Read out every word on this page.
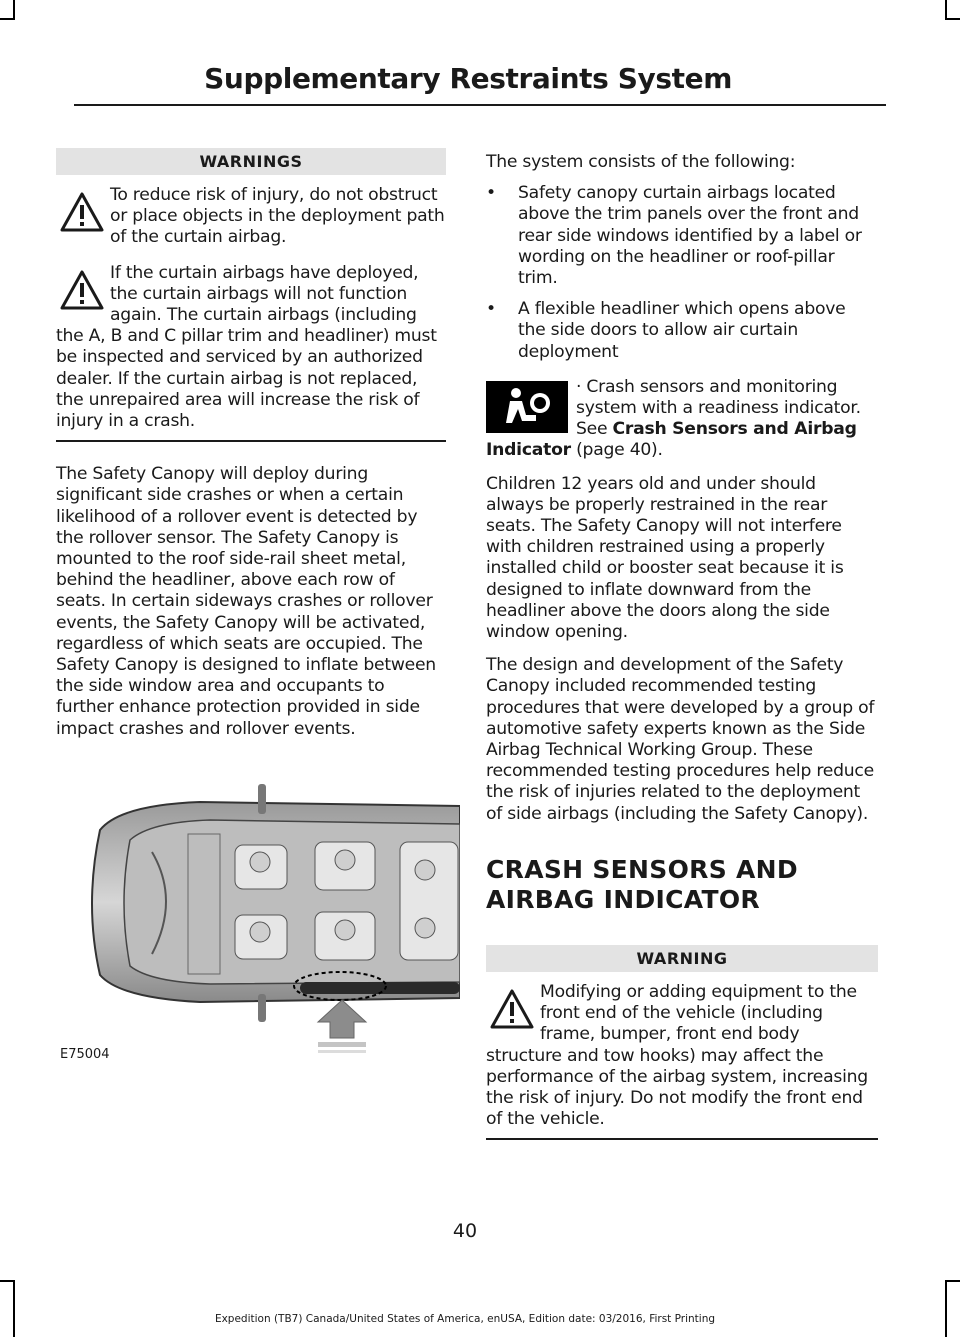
Supplementary Restraints System
WARNINGS

To reduce risk of injury, do not obstruct or place objects in the deployment path of the curtain airbag.

If the curtain airbags have deployed, the curtain airbags will not function again. The curtain airbags (including the A, B and C pillar trim and headliner) must be inspected and serviced by an authorized dealer. If the curtain airbag is not replaced, the unrepaired area will increase the risk of injury in a crash.

The Safety Canopy will deploy during significant side crashes or when a certain likelihood of a rollover event is detected by the rollover sensor. The Safety Canopy is mounted to the roof side-rail sheet metal, behind the headliner, above each row of seats. In certain sideways crashes or rollover events, the Safety Canopy will be activated, regardless of which seats are occupied. The Safety Canopy is designed to inflate between the side window area and occupants to further enhance protection provided in side impact crashes and rollover events.

E75004

The system consists of the following:

• Safety canopy curtain airbags located above the trim panels over the front and rear side windows identified by a label or wording on the headliner or roof-pillar trim.
• A flexible headliner which opens above the side doors to allow air curtain deployment

· Crash sensors and monitoring system with a readiness indicator. See Crash Sensors and Airbag Indicator (page 40).

Children 12 years old and under should always be properly restrained in the rear seats. The Safety Canopy will not interfere with children restrained using a properly installed child or booster seat because it is designed to inflate downward from the headliner above the doors along the side window opening.

The design and development of the Safety Canopy included recommended testing procedures that were developed by a group of automotive safety experts known as the Side Airbag Technical Working Group. These recommended testing procedures help reduce the risk of injuries related to the deployment of side airbags (including the Safety Canopy).

CRASH SENSORS AND
AIRBAG INDICATOR
WARNING

Modifying or adding equipment to the front end of the vehicle (including frame, bumper, front end body structure and tow hooks) may affect the performance of the airbag system, increasing the risk of injury. Do not modify the front end of the vehicle.

40
Expedition (TB7) Canada/United States of America, enUSA, Edition date: 03/2016, First Printing
